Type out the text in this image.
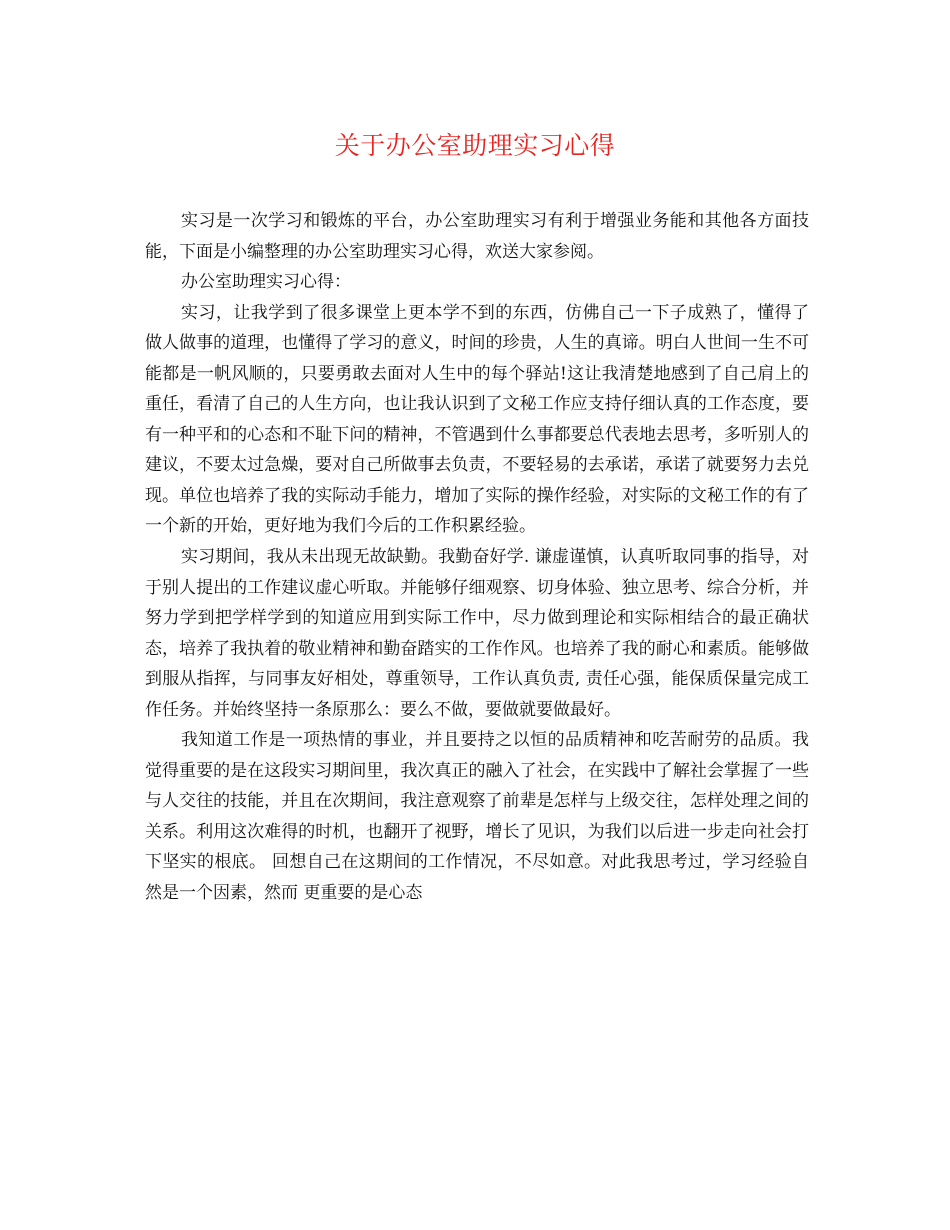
关于办公室助理实习心得

实习是一次学习和锻炼的平台，办公室助理实习有利于增强业务能和其他各方面技能，下面是小编整理的办公室助理实习心得，欢送大家参阅。

办公室助理实习心得：

实习，让我学到了很多课堂上更本学不到的东西，仿佛自己一下子成熟了，懂得了做人做事的道理，也懂得了学习的意义，时间的珍贵，人生的真谛。明白人世间一生不可能都是一帆风顺的，只要勇敢去面对人生中的每个驿站!这让我清楚地感到了自己肩上的重任，看清了自己的人生方向，也让我认识到了文秘工作应支持仔细认真的工作态度，要有一种平和的心态和不耻下问的精神，不管遇到什么事都要总代表地去思考，多听别人的建议，不要太过急燥，要对自己所做事去负责，不要轻易的去承诺，承诺了就要努力去兑现。单位也培养了我的实际动手能力，增加了实际的操作经验，对实际的文秘工作的有了一个新的开始，更好地为我们今后的工作积累经验。

实习期间，我从未出现无故缺勤。我勤奋好学. 谦虚谨慎，认真听取同事的指导，对于别人提出的工作建议虚心听取。并能够仔细观察、切身体验、独立思考、综合分析，并努力学到把学样学到的知道应用到实际工作中，尽力做到理论和实际相结合的最正确状态，培养了我执着的敬业精神和勤奋踏实的工作作风。也培养了我的耐心和素质。能够做到服从指挥，与同事友好相处，尊重领导，工作认真负责, 责任心强，能保质保量完成工作任务。并始终坚持一条原那么：要么不做，要做就要做最好。

我知道工作是一项热情的事业，并且要持之以恒的品质精神和吃苦耐劳的品质。我觉得重要的是在这段实习期间里，我次真正的融入了社会，在实践中了解社会掌握了一些与人交往的技能，并且在次期间，我注意观察了前辈是怎样与上级交往，怎样处理之间的关系。利用这次难得的时机，也翻开了视野，增长了见识，为我们以后进一步走向社会打下坚实的根底。 回想自己在这期间的工作情况，不尽如意。对此我思考过，学习经验自然是一个因素，然而 更重要的是心态
